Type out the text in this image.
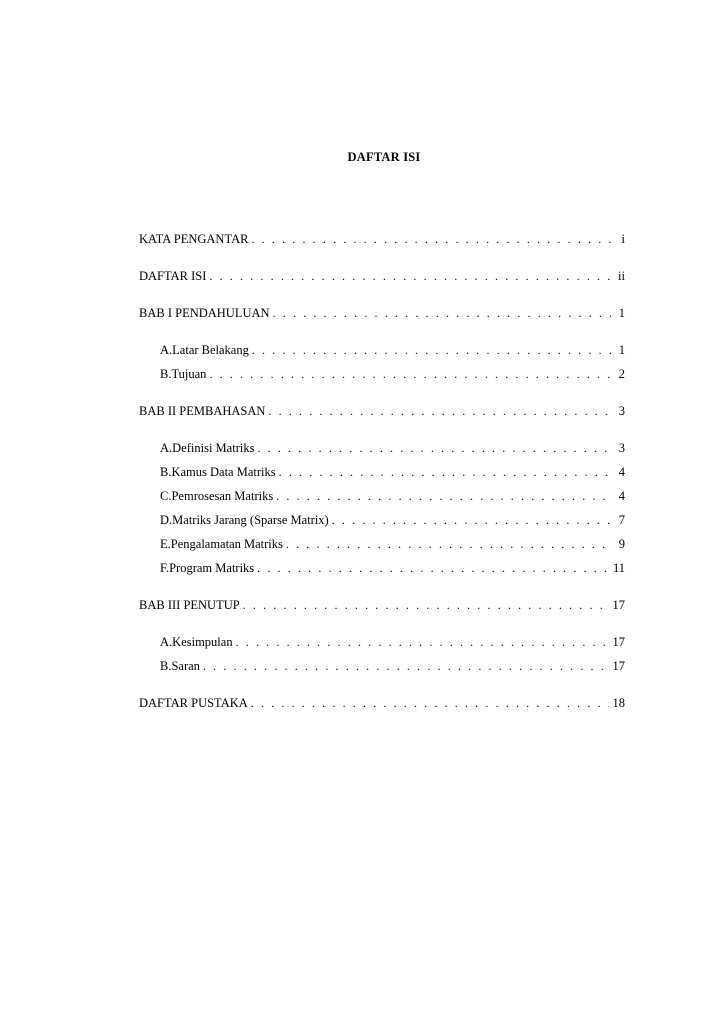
DAFTAR ISI
KATA PENGANTAR . . .	i
DAFTAR ISI . . .	ii
BAB I PENDAHULUAN . . .	1
A. Latar Belakang . . .	1
B. Tujuan . . .	2
BAB II PEMBAHASAN . . .	3
A. Definisi Matriks . . .	3
B. Kamus Data Matriks . . .	4
C. Pemrosesan Matriks . . .	4
D. Matriks Jarang (Sparse Matrix) . . .	7
E. Pengalamatan Matriks . . .	9
F. Program Matriks . . .	11
BAB III PENUTUP . . .	17
A. Kesimpulan . . .	17
B. Saran . . .	17
DAFTAR PUSTAKA . . .	18
